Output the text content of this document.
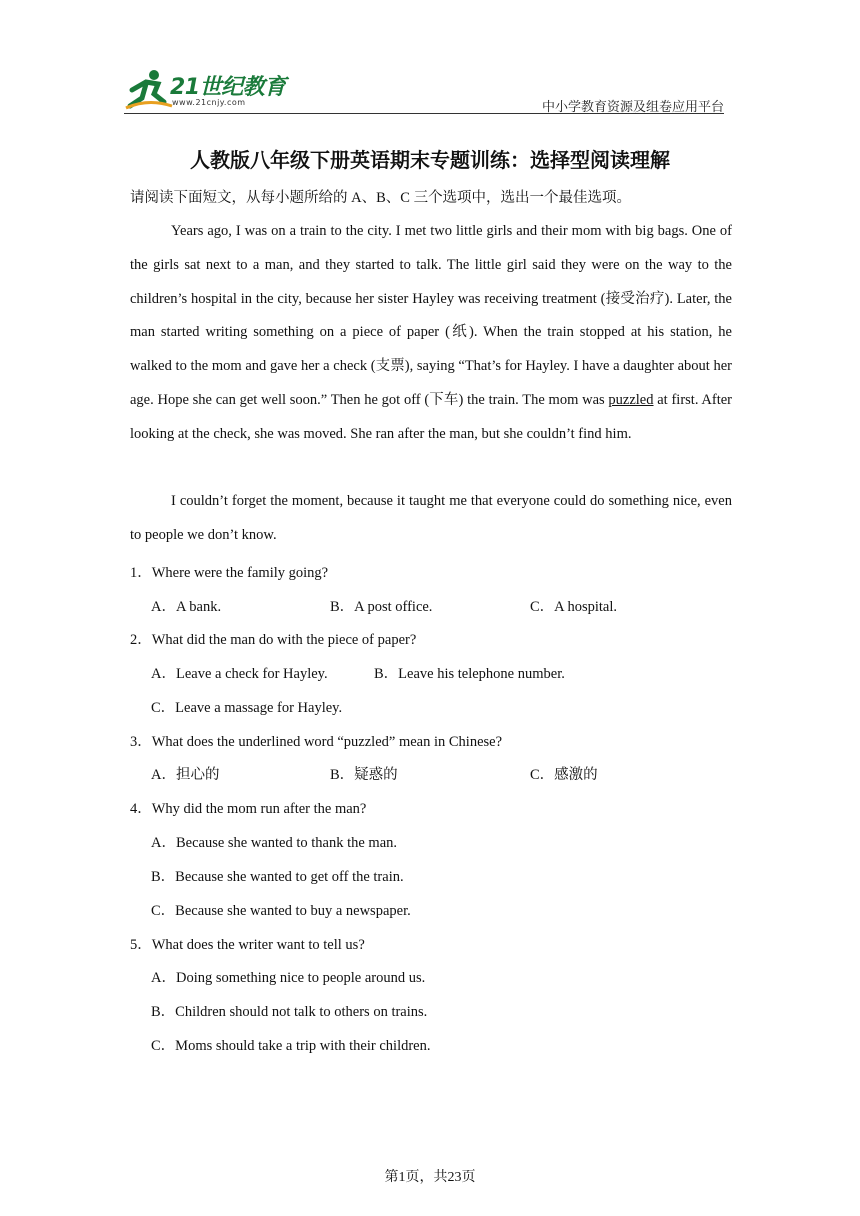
21世纪教育
www.21cnjy.com	中小学教育资源及组卷应用平台
人教版八年级下册英语期末专题训练：选择型阅读理解
请阅读下面短文，从每小题所给的 A、B、C 三个选项中，选出一个最佳选项。
Years ago, I was on a train to the city. I met two little girls and their mom with big bags. One of the girls sat next to a man, and they started to talk. The little girl said they were on the way to the children’s hospital in the city, because her sister Hayley was receiving treatment (接受治疗). Later, the man started writing something on a piece of paper (纸). When the train stopped at his station, he walked to the mom and gave her a check (支票), saying “That’s for Hayley. I have a daughter about her age. Hope she can get well soon.” Then he got off (下车) the train. The mom was puzzled at first. After looking at the check, she was moved. She ran after the man, but she couldn’t find him.
I couldn’t forget the moment, because it taught me that everyone could do something nice, even to people we don’t know.
1．Where were the family going?
A．A bank.	B．A post office.	C．A hospital.
2．What did the man do with the piece of paper?
A．Leave a check for Hayley.	B．Leave his telephone number.
C．Leave a massage for Hayley.
3．What does the underlined word “puzzled” mean in Chinese?
A．担心的	B．疑惑的	C．感激的
4．Why did the mom run after the man?
A．Because she wanted to thank the man.
B．Because she wanted to get off the train.
C．Because she wanted to buy a newspaper.
5．What does the writer want to tell us?
A．Doing something nice to people around us.
B．Children should not talk to others on trains.
C．Moms should take a trip with their children.
第1页，共23页
